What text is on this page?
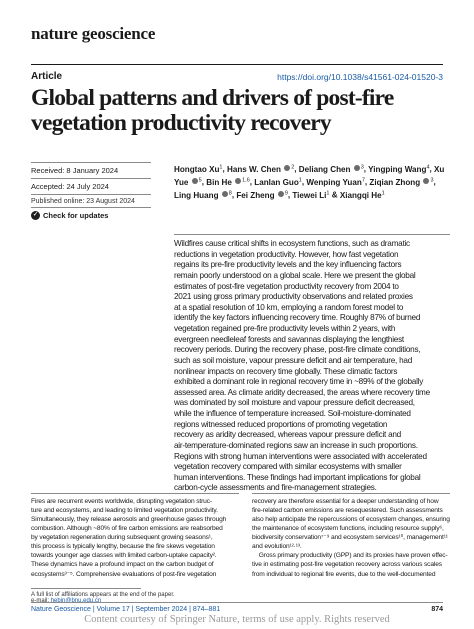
nature geoscience
Article	https://doi.org/10.1038/s41561-024-01520-3
Global patterns and drivers of post-fire vegetation productivity recovery
Received: 8 January 2024
Accepted: 24 July 2024
Published online: 23 August 2024
✓ Check for updates
Hongtao Xu$^1$, Hans W. Chen $^2$, Deliang Chen $^3$, Yingping Wang$^4$, Xu Yue $^5$, Bin He $^{1,6}$, Lanlan Guo$^1$, Wenping Yuan$^7$, Ziqian Zhong $^3$, Ling Huang $^8$, Fei Zheng $^9$, Tiewei Li$^1$ & Xiangqi He$^1$
Wildfires cause critical shifts in ecosystem functions, such as dramatic
reductions in vegetation productivity. However, how fast vegetation
regains its pre-fire productivity levels and the key influencing factors
remain poorly understood on a global scale. Here we present the global
estimates of post-fire vegetation productivity recovery from 2004 to
2021 using gross primary productivity observations and related proxies
at a spatial resolution of 10 km, employing a random forest model to
identify the key factors influencing recovery time. Roughly 87% of burned
vegetation regained pre-fire productivity levels within 2 years, with
evergreen needleleaf forests and savannas displaying the lengthiest
recovery periods. During the recovery phase, post-fire climate conditions,
such as soil moisture, vapour pressure deficit and air temperature, had
nonlinear impacts on recovery time globally. These climatic factors
exhibited a dominant role in regional recovery time in ~89% of the globally
assessed area. As climate aridity decreased, the areas where recovery time
was dominated by soil moisture and vapour pressure deficit decreased,
while the influence of temperature increased. Soil-moisture-dominated
regions witnessed reduced proportions of promoting vegetation
recovery as aridity decreased, whereas vapour pressure deficit and
air-temperature-dominated regions saw an increase in such proportions.
Regions with strong human interventions were associated with accelerated
vegetation recovery compared with similar ecosystems with smaller
human interventions. These findings had important implications for global
carbon-cycle assessments and fire-management strategies.
Fires are recurrent events worldwide, disrupting vegetation struc-
ture and ecosystems, and leading to limited vegetation productivity.
Simultaneously, they release aerosols and greenhouse gases through
combustion. Although ~80% of fire carbon emissions are reabsorbed
by vegetation regeneration during subsequent growing seasons¹,
this process is typically lengthy, because the fire skews vegetation
towards younger age classes with limited carbon-uptake capacity².
These dynamics have a profound impact on the carbon budget of
ecosystems³⁻⁵. Comprehensive evaluations of post-fire vegetation
recovery are therefore essential for a deeper understanding of how
fire-related carbon emissions are resequestered. Such assessments
also help anticipate the repercussions of ecosystem changes, ensuring
the maintenance of ecosystem functions, including resource supply⁶,
biodiversity conservation⁷⁻⁹ and ecosystem services¹⁰, management¹¹
and evolution¹²·¹³.
Gross primary productivity (GPP) and its proxies have proven effec-
tive in estimating post-fire vegetation recovery across various scales
from individual to regional fire events, due to the well-documented
A full list of affiliations appears at the end of the paper.
e-mail: hebin@bnu.edu.cn
Nature Geoscience | Volume 17 | September 2024 | 874–881	874
Content courtesy of Springer Nature, terms of use apply. Rights reserved
